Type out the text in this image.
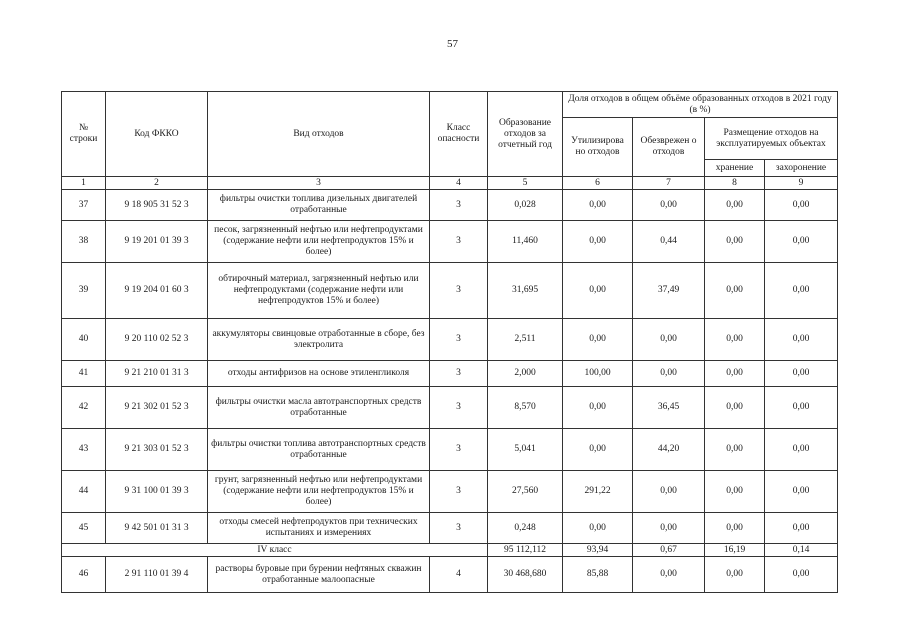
57
№ строки	Код ФККО	Вид отходов	Класс опасности	Образование отходов за отчетный год	Доля отходов в общем объёме образованных отходов в 2021 году (в %)			
					Утилизирова но отходов	Обезврежен о отходов	Размещение отходов на эксплуатируемых объектах	
							хранение	захоронение
1	2	3	4	5	6	7	8	9
37	9 18 905 31 52 3	фильтры очистки топлива дизельных двигателей отработанные	3	0,028	0,00	0,00	0,00	0,00
38	9 19 201 01 39 3	песок, загрязненный нефтью или нефтепродуктами (содержание нефти или нефтепродуктов 15% и более)	3	11,460	0,00	0,44	0,00	0,00
39	9 19 204 01 60 3	обтирочный материал, загрязненный нефтью или нефтепродуктами (содержание нефти или нефтепродуктов 15% и более)	3	31,695	0,00	37,49	0,00	0,00
40	9 20 110 02 52 3	аккумуляторы свинцовые отработанные в сборе, без электролита	3	2,511	0,00	0,00	0,00	0,00
41	9 21 210 01 31 3	отходы антифризов на основе этиленгликоля	3	2,000	100,00	0,00	0,00	0,00
42	9 21 302 01 52 3	фильтры очистки масла автотранспортных средств отработанные	3	8,570	0,00	36,45	0,00	0,00
43	9 21 303 01 52 3	фильтры очистки топлива автотранспортных средств отработанные	3	5,041	0,00	44,20	0,00	0,00
44	9 31 100 01 39 3	грунт, загрязненный нефтью или нефтепродуктами (содержание нефти или нефтепродуктов 15% и более)	3	27,560	291,22	0,00	0,00	0,00
45	9 42 501 01 31 3	отходы смесей нефтепродуктов при технических испытаниях и измерениях	3	0,248	0,00	0,00	0,00	0,00
IV класс				95 112,112	93,94	0,67	16,19	0,14
46	2 91 110 01 39 4	растворы буровые при бурении нефтяных скважин отработанные малоопасные	4	30 468,680	85,88	0,00	0,00	0,00
